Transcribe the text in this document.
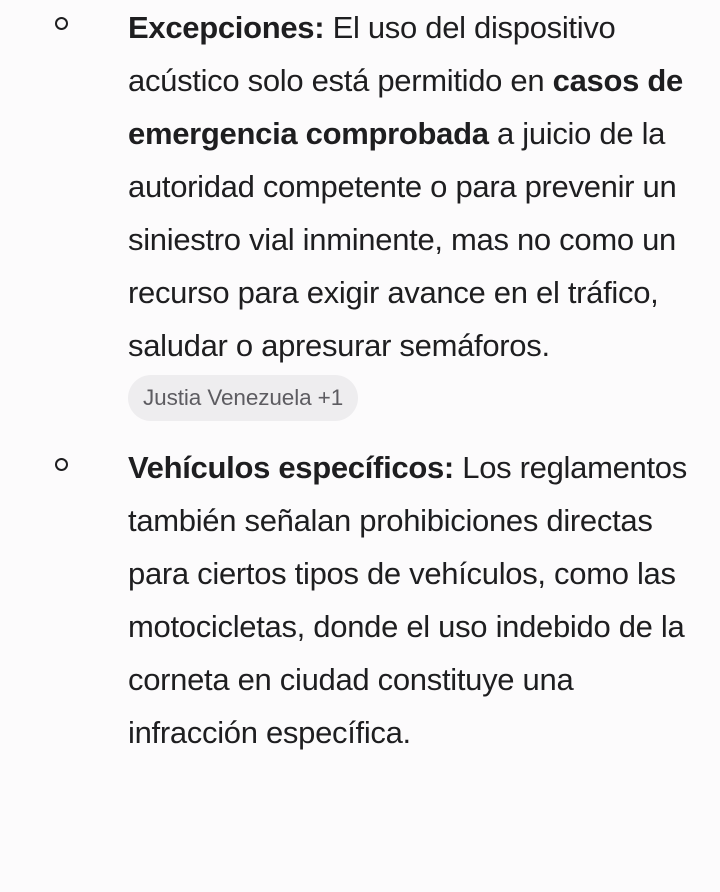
Excepciones: El uso del dispositivo acústico solo está permitido en casos de emergencia comprobada a juicio de la autoridad competente o para prevenir un siniestro vial inminente, mas no como un recurso para exigir avance en el tráfico, saludar o apresurar semáforos.

Justia Venezuela +1

Vehículos específicos: Los reglamentos también señalan prohibiciones directas para ciertos tipos de vehículos, como las motocicletas, donde el uso indebido de la corneta en ciudad constituye una infracción específica.
